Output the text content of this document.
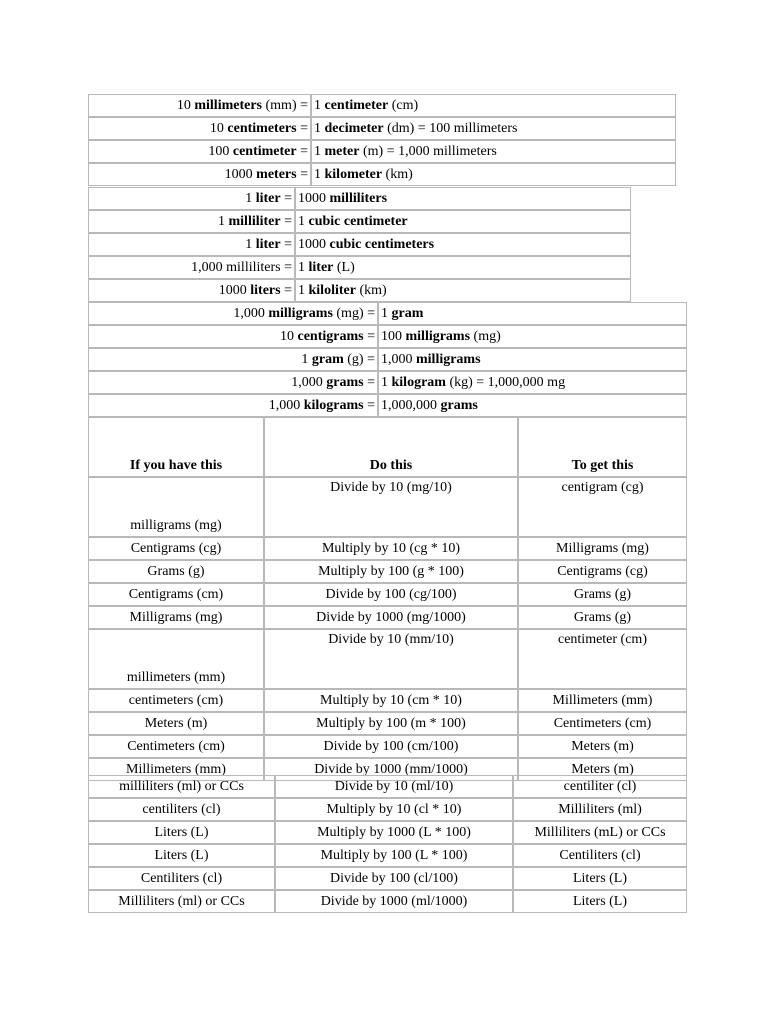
10 millimeters (mm) =	1 centimeter (cm)
10 centimeters =	1 decimeter (dm) = 100 millimeters
100 centimeter =	1 meter (m) = 1,000 millimeters
1000 meters =	1 kilometer (km)
1 liter =	1000 milliliters
1 milliliter =	1 cubic centimeter
1 liter =	1000 cubic centimeters
1,000 milliliters =	1 liter (L)
1000 liters =	1 kiloliter (km)
1,000 milligrams (mg) =	1 gram
10 centigrams =	100 milligrams (mg)
1 gram (g) =	1,000 milligrams
1,000 grams =	1 kilogram (kg) = 1,000,000 mg
1,000 kilograms =	1,000,000 grams
If you have this	Do this	To get this
milligrams (mg)	Divide by 10 (mg/10)	centigram (cg)
Centigrams (cg)	Multiply by 10 (cg * 10)	Milligrams (mg)
Grams (g)	Multiply by 100 (g * 100)	Centigrams (cg)
Centigrams (cm)	Divide by 100 (cg/100)	Grams (g)
Milligrams (mg)	Divide by 1000 (mg/1000)	Grams (g)
millimeters (mm)	Divide by 10 (mm/10)	centimeter (cm)
centimeters (cm)	Multiply by 10 (cm * 10)	Millimeters (mm)
Meters (m)	Multiply by 100 (m * 100)	Centimeters (cm)
Centimeters (cm)	Divide by 100 (cm/100)	Meters (m)
Millimeters (mm)	Divide by 1000 (mm/1000)	Meters (m)
milliliters (ml) or CCs	Divide by 10 (ml/10)	centiliter (cl)
centiliters (cl)	Multiply by 10 (cl * 10)	Milliliters (ml)
Liters (L)	Multiply by 1000 (L * 100)	Milliliters (mL) or CCs
Liters (L)	Multiply by 100 (L * 100)	Centiliters (cl)
Centiliters (cl)	Divide by 100 (cl/100)	Liters (L)
Milliliters (ml) or CCs	Divide by 1000 (ml/1000)	Liters (L)
